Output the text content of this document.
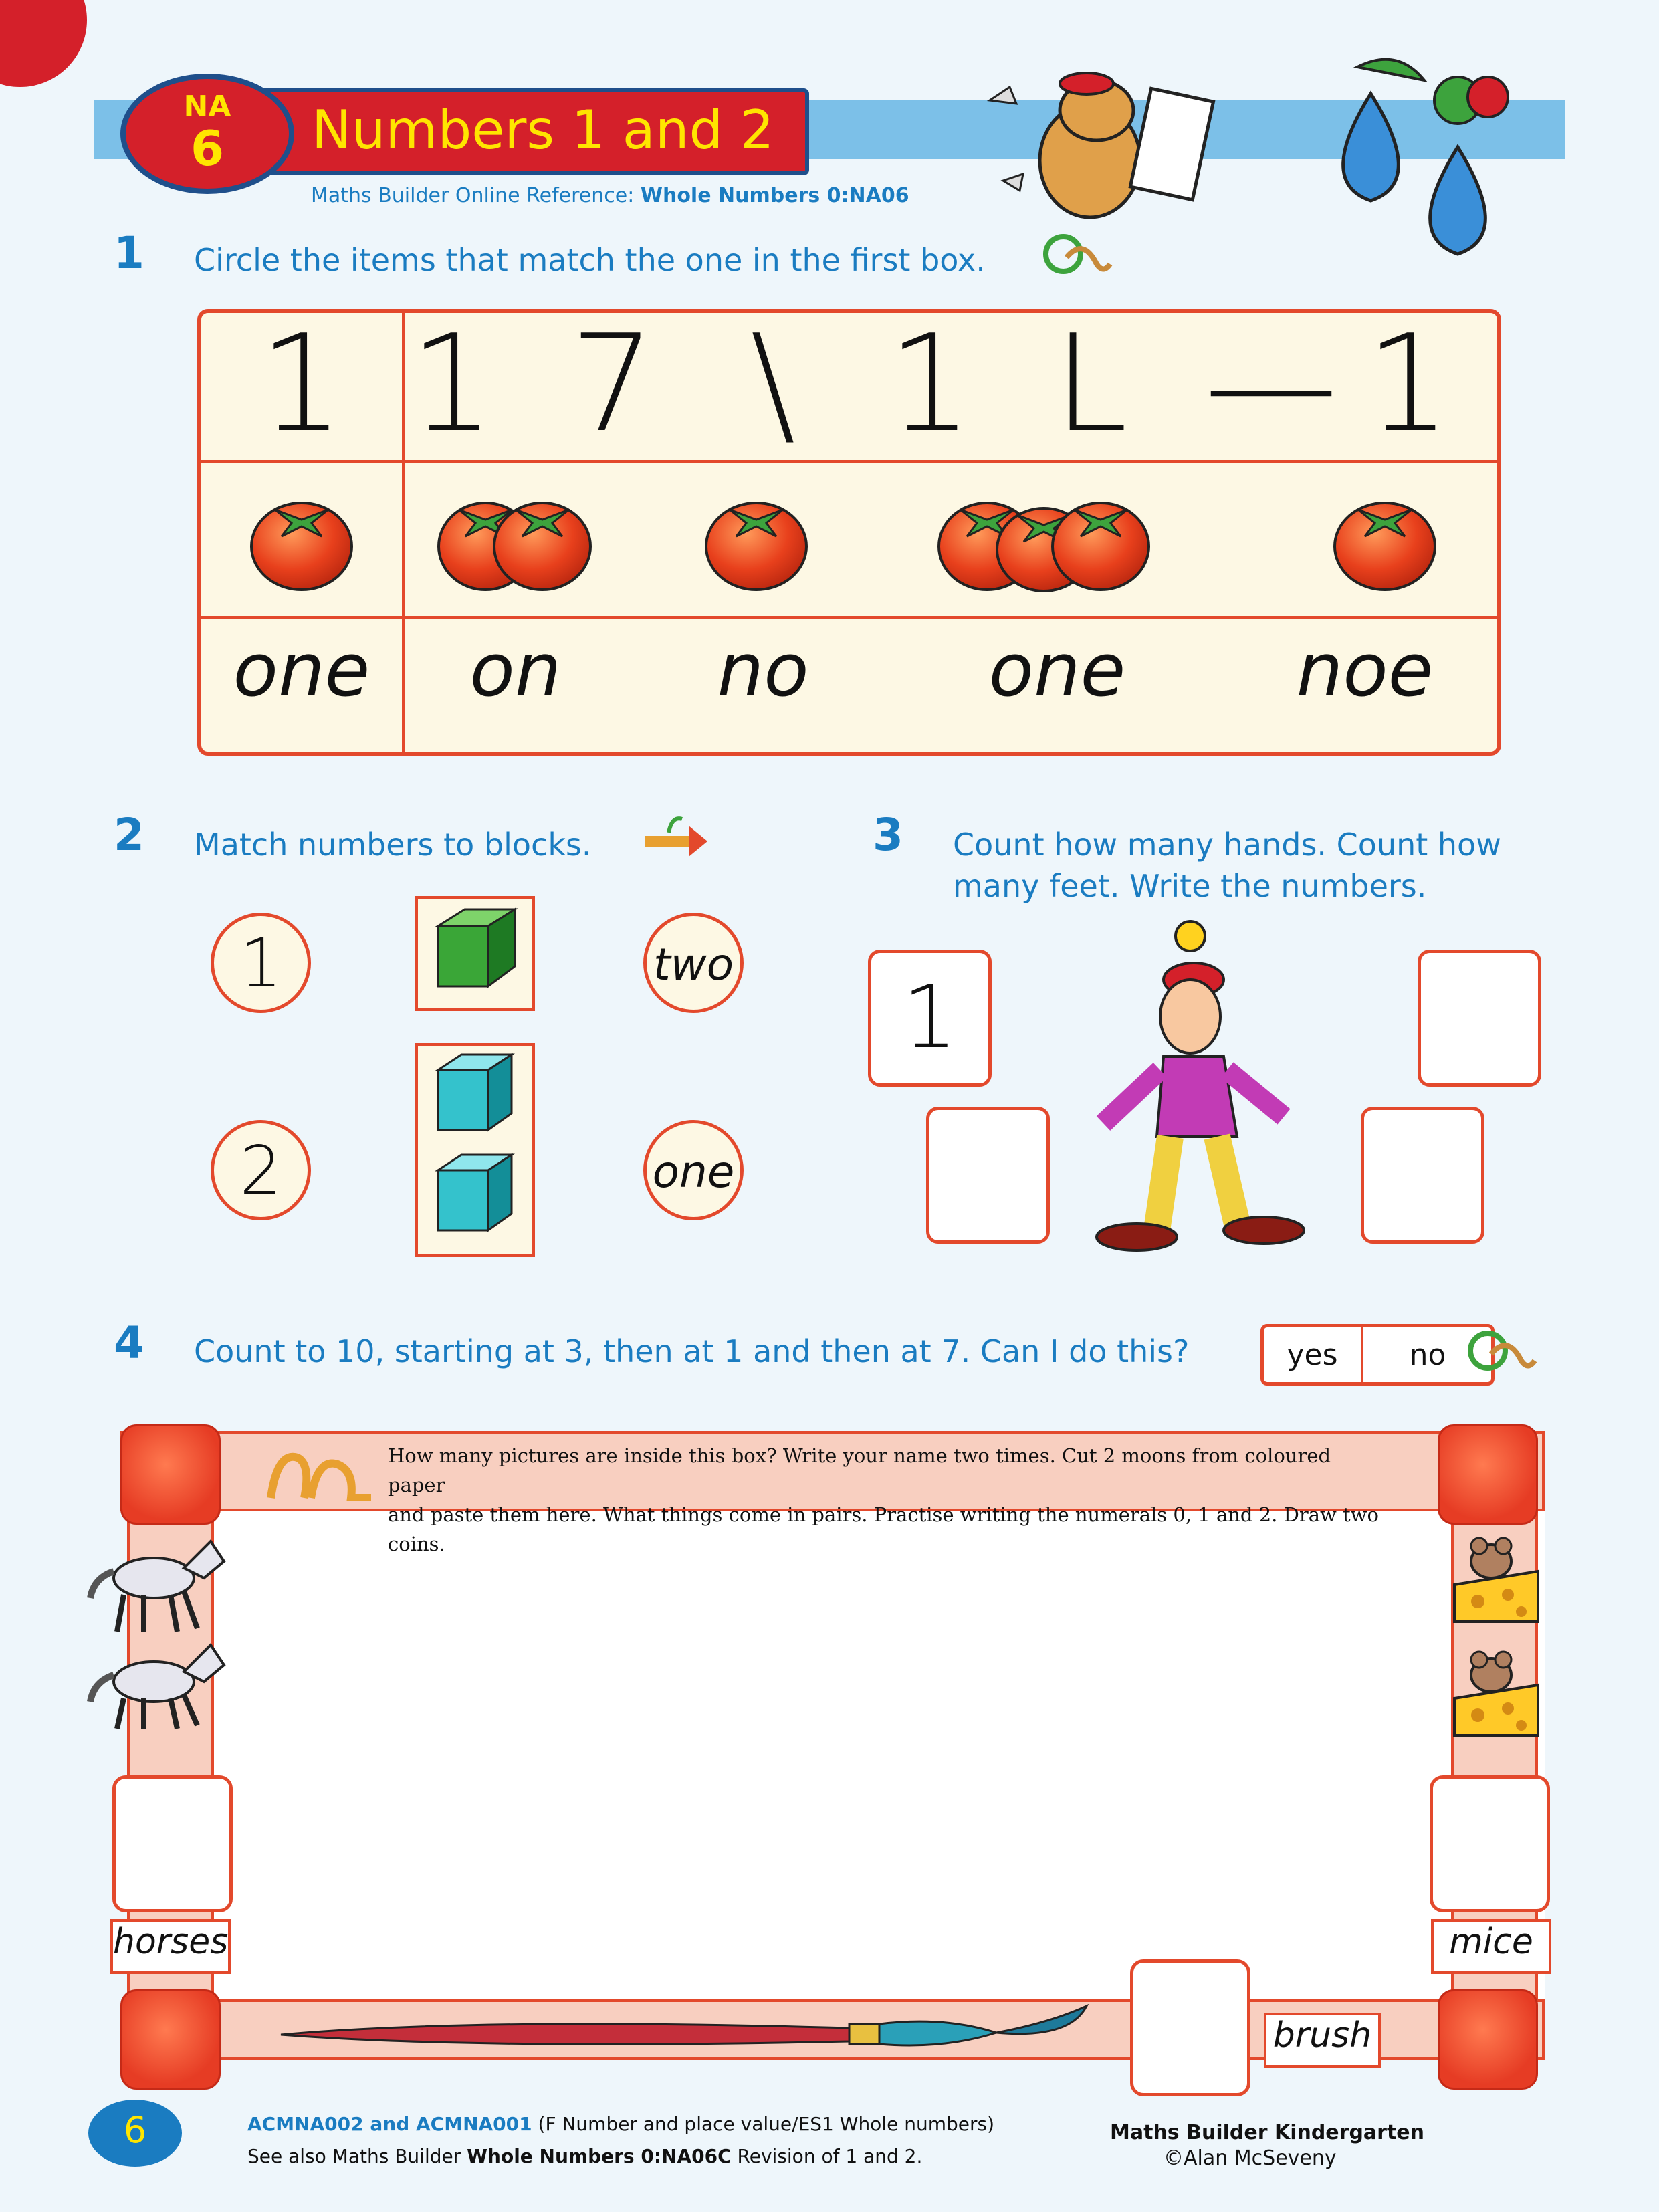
Numbers 1 and 2
NA
6
Maths Builder Online Reference: Whole Numbers 0:NA06
1 Circle the items that match the one in the first box.
1 1 7 \ 1 L — 1
one	on	no	one	noe
2 Match numbers to blocks.
1
2
two
one
3 Count how many hands. Count how
many feet. Write the numbers.
1
4 Count to 10, starting at 3, then at 1 and then at 7. Can I do this?	yes	no
How many pictures are inside this box? Write your name two times. Cut 2 moons from coloured paper
and paste them here. What things come in pairs. Practise writing the numerals 0, 1 and 2. Draw two coins.
horses	mice
brush
6	ACMNA002 and ACMNA001 (F Number and place value/ES1 Whole numbers)
See also Maths Builder Whole Numbers 0:NA06C Revision of 1 and 2.
Maths Builder Kindergarten
©Alan McSeveny
